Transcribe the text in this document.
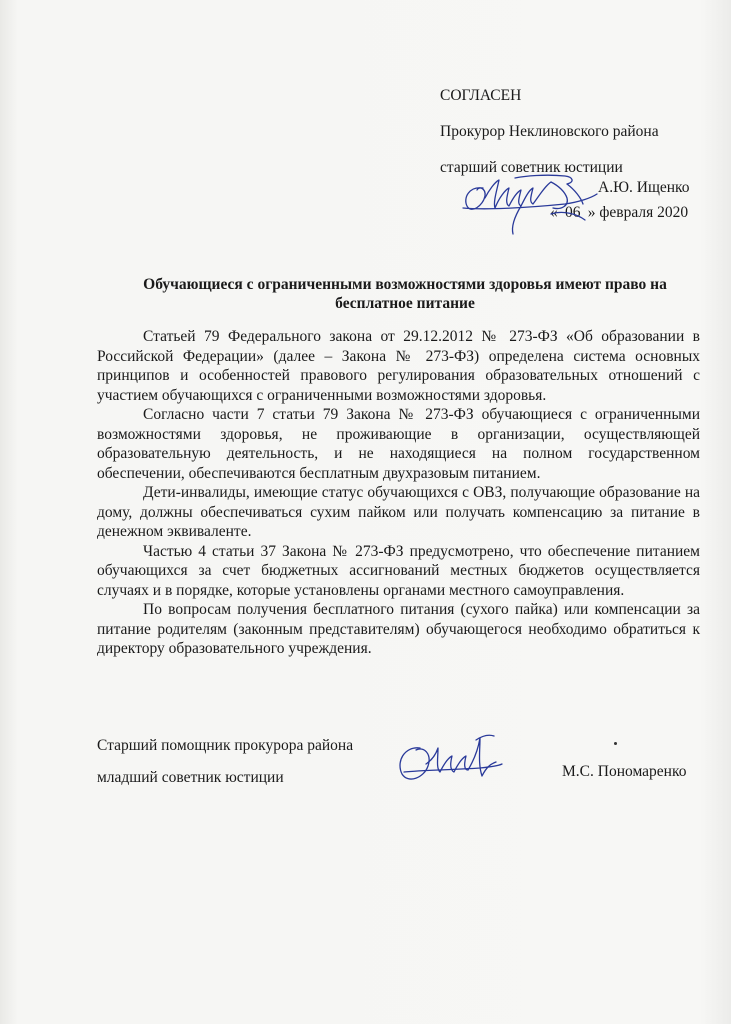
СОГЛАСЕН
Прокурор Неклиновского района
старший советник юстиции
А.Ю. Ищенко
« 06 » февраля 2020
Обучающиеся с ограниченными возможностями здоровья имеют право на бесплатное питание

Статьей 79 Федерального закона от 29.12.2012 № 273-ФЗ «Об образовании в Российской Федерации» (далее – Закона № 273-ФЗ) определена система основных принципов и особенностей правового регулирования образовательных отношений с участием обучающихся с ограниченными возможностями здоровья.

Согласно части 7 статьи 79 Закона № 273-ФЗ обучающиеся с ограниченными возможностями здоровья, не проживающие в организации, осуществляющей образовательную деятельность, и не находящиеся на полном государственном обеспечении, обеспечиваются бесплатным двухразовым питанием.

Дети-инвалиды, имеющие статус обучающихся с ОВЗ, получающие образование на дому, должны обеспечиваться сухим пайком или получать компенсацию за питание в денежном эквиваленте.

Частью 4 статьи 37 Закона № 273-ФЗ предусмотрено, что обеспечение питанием обучающихся за счет бюджетных ассигнований местных бюджетов осуществляется случаях и в порядке, которые установлены органами местного самоуправления.

По вопросам получения бесплатного питания (сухого пайка) или компенсации за питание родителям (законным представителям) обучающегося необходимо обратиться к директору образовательного учреждения.

Старший помощник прокурора района
младший советник юстиции	М.С. Пономаренко
